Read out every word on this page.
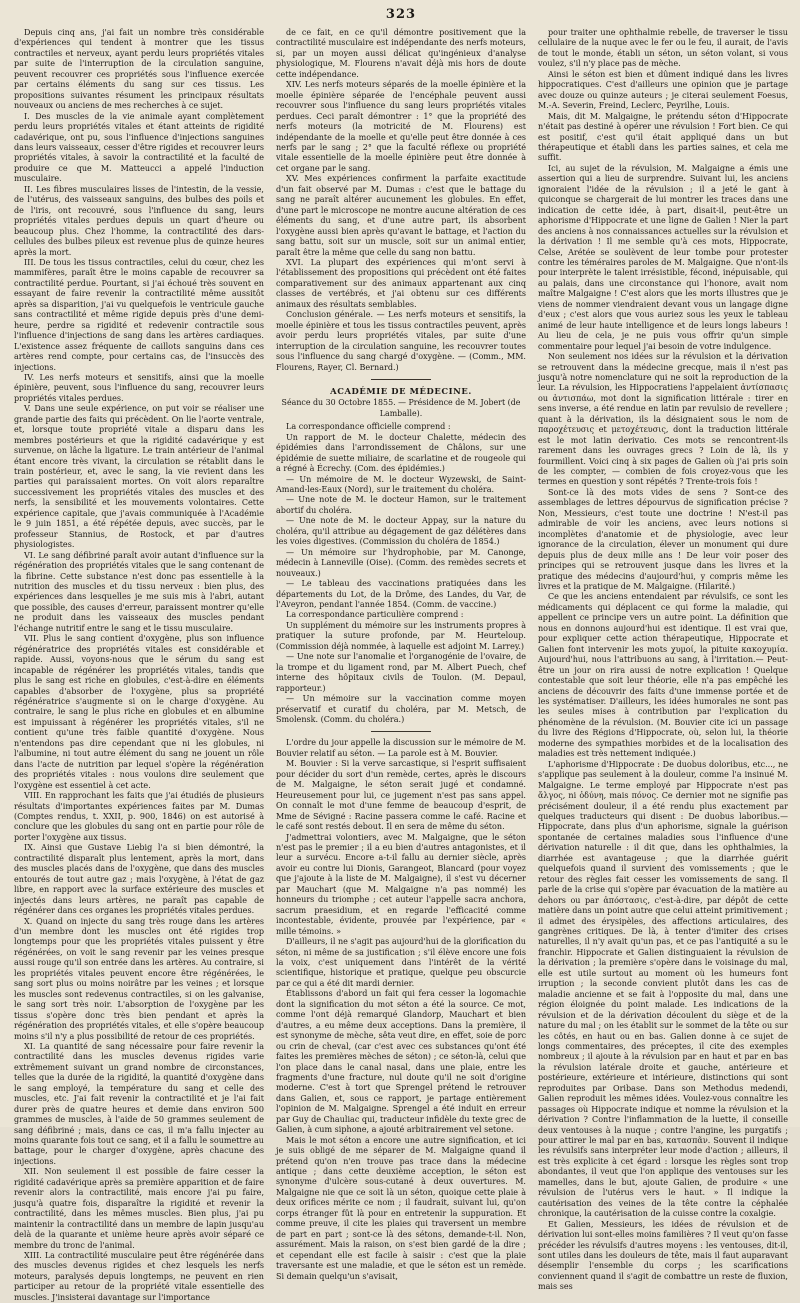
323

Depuis cinq ans, j'ai fait un nombre très considérable d'expériences qui tendent à montrer que les tissus contractiles et nerveux, ayant perdu leurs propriétés vitales par suite de l'interruption de la circulation sanguine, peuvent recouvrer ces propriétés sous l'influence exercée par certains éléments du sang sur ces tissus. Les propositions suivantes résument les principaux résultats nouveaux ou anciens de mes recherches à ce sujet.

I. Des muscles de la vie animale ayant complètement perdu leurs propriétés vitales et étant atteints de rigidité cadavérique, ont pu, sous l'influence d'injections sanguines dans leurs vaisseaux, cesser d'être rigides et recouvrer leurs propriétés vitales, à savoir la contractilité et la faculté de produire ce que M. Matteucci a appelé l'induction musculaire.

II. Les fibres musculaires lisses de l'intestin, de la vessie, de l'utérus, des vaisseaux sanguins, des bulbes des poils et de l'iris, ont recouvré, sous l'influence du sang, leurs propriétés vitales perdues depuis un quart d'heure ou beaucoup plus. Chez l'homme, la contractilité des dars-cellules des bulbes pileux est revenue plus de quinze heures après la mort.

III. De tous les tissus contractiles, celui du cœur, chez les mammifères, paraît être le moins capable de recouvrer sa contractilité perdue. Pourtant, si j'ai échoué très souvent en essayant de faire revenir la contractilité même aussitôt après sa disparition, j'ai vu quelquefois le ventricule gauche sans contractilité et même rigide depuis près d'une demi-heure, perdre sa rigidité et redevenir contractile sous l'influence d'injections de sang dans les artères cardiaques. L'existence assez fréquente de caillots sanguins dans ces artères rend compte, pour certains cas, de l'insuccès des injections.

IV. Les nerfs moteurs et sensitifs, ainsi que la moelle épinière, peuvent, sous l'influence du sang, recouvrer leurs propriétés vitales perdues.

V. Dans une seule expérience, on put voir se réaliser une grande partie des faits qui précèdent. On lie l'aorte ventrale, et, lorsque toute propriété vitale a disparu dans les membres postérieurs et que la rigidité cadavérique y est survenue, on lâche la ligature. Le train antérieur de l'animal étant encore très vivant, la circulation se rétablit dans le train postérieur, et, avec le sang, la vie revient dans les parties qui paraissaient mortes. On voit alors reparaître successivement les propriétés vitales des muscles et des nerfs, la sensibilité et les mouvements volontaires. Cette expérience capitale, que j'avais communiquée à l'Académie le 9 juin 1851, a été répétée depuis, avec succès, par le professeur Stannius, de Rostock, et par d'autres physiologistes.

VI. Le sang défibriné paraît avoir autant d'influence sur la régénération des propriétés vitales que le sang contenant de la fibrine. Cette substance n'est donc pas essentielle à la nutrition des muscles et du tissu nerveux : bien plus, des expériences dans lesquelles je me suis mis à l'abri, autant que possible, des causes d'erreur, paraissent montrer qu'elle ne produit dans les vaisseaux des muscles pendant l'échange nutritif entre le sang et le tissu musculaire.

VII. Plus le sang contient d'oxygène, plus son influence régénératrice des propriétés vitales est considérable et rapide. Aussi, voyons-nous que le sérum du sang est incapable de régénérer les propriétés vitales, tandis que plus le sang est riche en globules, c'est-à-dire en éléments capables d'absorber de l'oxygène, plus sa propriété régénératrice s'augmente si on le charge d'oxygène. Au contraire, le sang le plus riche en globules et en albumine est impuissant à régénérer les propriétés vitales, s'il ne contient qu'une très faible quantité d'oxygène. Nous n'entendons pas dire cependant que ni les globules, ni l'albumine, ni tout autre élément du sang ne jouent un rôle dans l'acte de nutrition par lequel s'opère la régénération des propriétés vitales : nous voulons dire seulement que l'oxygène est essentiel à cet acte.

VIII. En rapprochant les faits que j'ai étudiés de plusieurs résultats d'importantes expériences faites par M. Dumas (Comptes rendus, t. XXII, p. 900, 1846) on est autorisé à conclure que les globules du sang ont en partie pour rôle de porter l'oxygène aux tissus.

IX. Ainsi que Gustave Liebig l'a si bien démontré, la contractilité disparaît plus lentement, après la mort, dans des muscles placés dans de l'oxygène, que dans des muscles entourés de tout autre gaz ; mais l'oxygène, à l'état de gaz libre, en rapport avec la surface extérieure des muscles et injectés dans leurs artères, ne paraît pas capable de régénérer dans ces organes les propriétés vitales perdues.

X. Quand on injecte du sang très rouge dans les artères d'un membre dont les muscles ont été rigides trop longtemps pour que les propriétés vitales puissent y être régénérées, on voit le sang revenir par les veines presque aussi rouge qu'il son entrée dans les artères. Au contraire, si les propriétés vitales peuvent encore être régénérées, le sang sort plus ou moins noirâtre par les veines ; et lorsque les muscles sont redevenus contractiles, si on les galvanise, le sang sort très noir. L'absorption de l'oxygène par les tissus s'opère donc très bien pendant et après la régénération des propriétés vitales, et elle s'opère beaucoup moins s'il n'y a plus possibilité de retour de ces propriétés.

XI. La quantité de sang nécessaire pour faire revenir la contractilité dans les muscles devenus rigides varie extrêmement suivant un grand nombre de circonstances, telles que la durée de la rigidité, la quantité d'oxygène dans le sang employé, la température du sang et celle des muscles, etc. J'ai fait revenir la contractilité et je l'ai fait durer près de quatre heures et demie dans environ 500 grammes de muscles, à l'aide de 50 grammes seulement de sang défibriné ; mais, dans ce cas, il m'a fallu injecter au moins quarante fois tout ce sang, et il a fallu le soumettre au battage, pour le charger d'oxygène, après chacune des injections.

XII. Non seulement il est possible de faire cesser la rigidité cadavérique après sa première apparition et de faire revenir alors la contractilité, mais encore j'ai pu faire, jusqu'à quatre fois, disparaître la rigidité et revenir la contractilité, dans les mêmes muscles. Bien plus, j'ai pu maintenir la contractilité dans un membre de lapin jusqu'au delà de la quarante et unième heure après avoir séparé ce membre du tronc de l'animal.

XIII. La contractilité musculaire peut être régénérée dans des muscles devenus rigides et chez lesquels les nerfs moteurs, paralysés depuis longtemps, ne peuvent en rien participer au retour de la propriété vitale essentielle des muscles. J'insisterai davantage sur l'importance

de ce fait, en ce qu'il démontre positivement que la contractilité musculaire est indépendante des nerfs moteurs, si, par un moyen aussi délicat qu'ingénieux d'analyse physiologique, M. Flourens n'avait déjà mis hors de doute cette indépendance.

XIV. Les nerfs moteurs séparés de la moelle épinière et la moelle épinière séparée de l'encéphale peuvent aussi recouvrer sous l'influence du sang leurs propriétés vitales perdues. Ceci paraît démontrer : 1° que la propriété des nerfs moteurs (la motricité de M. Flourens) est indépendante de la moelle et qu'elle peut être donnée à ces nerfs par le sang ; 2° que la faculté réflexe ou propriété vitale essentielle de la moelle épinière peut être donnée à cet organe par le sang.

XV. Mes expériences confirment la parfaite exactitude d'un fait observé par M. Dumas : c'est que le battage du sang ne paraît altérer aucunement les globules. En effet, d'une part le microscope ne montre aucune altération de ces éléments du sang, et d'une autre part, ils absorbent l'oxygène aussi bien après qu'avant le battage, et l'action du sang battu, soit sur un muscle, soit sur un animal entier, paraît être la même que celle du sang non battu.

XVI. La plupart des expériences qui m'ont servi à l'établissement des propositions qui précèdent ont été faites comparativement sur des animaux appartenant aux cinq classes de vertébrés, et j'ai obtenu sur ces différents animaux des résultats semblables.

Conclusion générale. — Les nerfs moteurs et sensitifs, la moelle épinière et tous les tissus contractiles peuvent, après avoir perdu leurs propriétés vitales, par suite d'une interruption de la circulation sanguine, les recouvrer toutes sous l'influence du sang chargé d'oxygène. — (Comm., MM. Flourens, Rayer, Cl. Bernard.)

ACADÉMIE DE MÉDECINE.

Séance du 30 Octobre 1855. — Présidence de M. Jobert (de Lamballe).

La correspondance officielle comprend :

Un rapport de M. le docteur Chalette, médecin des épidémies dans l'arrondissement de Châlons, sur une épidémie de suette miliaire, de scarlatine et de rougeole qui a régné à Écrechy. (Com. des épidémies.)

— Un mémoire de M. le docteur Wyzewski, de Saint-Amand-les-Eaux (Nord), sur le traitement du choléra.

— Une note de M. le docteur Hamon, sur le traitement abortif du choléra.

— Une note de M. le docteur Appay, sur la nature du choléra, qu'il attribue au dégagement de gaz délétères dans les voies digestives. (Commission du choléra de 1854.)

— Un mémoire sur l'hydrophobie, par M. Canonge, médecin à Lanneville (Oise). (Comm. des remèdes secrets et nouveaux.)

— Le tableau des vaccinations pratiquées dans les départements du Lot, de la Drôme, des Landes, du Var, de l'Aveyron, pendant l'année 1854. (Comm. de vaccine.)

La correspondance particulière comprend :

Un supplément du mémoire sur les instruments propres à pratiquer la suture profonde, par M. Heurteloup. (Commission déjà nommée, à laquelle est adjoint M. Larrey.)

— Une note sur l'anomalie et l'organogénie de l'ovaire, de la trompe et du ligament rond, par M. Albert Puech, chef interne des hôpitaux civils de Toulon. (M. Depaul, rapporteur.)

— Un mémoire sur la vaccination comme moyen préservatif et curatif du choléra, par M. Metsch, de Smolensk. (Comm. du choléra.)

L'ordre du jour appelle la discussion sur le mémoire de M. Bouvier relatif au séton. — La parole est à M. Bouvier.

M. Bouvier : Si la verve sarcastique, si l'esprit suffisaient pour décider du sort d'un remède, certes, après le discours de M. Malgaigne, le séton serait jugé et condamné. Heureusement pour lui, ce jugement n'est pas sans appel. On connaît le mot d'une femme de beaucoup d'esprit, de Mme de Sévigné : Racine passera comme le café. Racine et le café sont restés debout. Il en sera de même du séton.

J'admettrai volontiers, avec M. Malgaigne, que le séton n'est pas le premier ; il a eu bien d'autres antagonistes, et il leur a survécu. Encore a-t-il fallu au dernier siècle, après avoir eu contre lui Dionis, Garangeot, Blancard (pour voyez que j'ajoute à la liste de M. Malgaigne), il s'est vu décerner par Mauchart (que M. Malgaigne n'a pas nommé) les honneurs du triomphe ; cet auteur l'appelle sacra anchora, sacrum praesidium, et en regarde l'efficacité comme incontestable, évidente, prouvée par l'expérience, par « mille témoins. »

D'ailleurs, il ne s'agit pas aujourd'hui de la glorification du séton, ni même de sa justification ; s'il élève encore une fois la voix, c'est uniquement dans l'intérêt de la vérité scientifique, historique et pratique, quelque peu obscurcie par ce qui a été dit mardi dernier.

Établissons d'abord un fait qui fera cesser la logomachie dont la signification du mot séton a été la source. Ce mot, comme l'ont déjà remarqué Glandorp, Mauchart et bien d'autres, a eu même deux acceptions. Dans la première, il est synonyme de mèche, sêta veut dire, en effet, soie de porc ou crin de cheval, (car c'est avec ces substances qu'ont été faites les premières mèches de séton) ; ce séton-là, celui que l'on place dans le canal nasal, dans une plaie, entre les fragments d'une fracture, nul doute qu'il ne soit d'origine moderne. C'est à tort que Sprengel prétend le retrouver dans Galien, et, sous ce rapport, je partage entièrement l'opinion de M. Malgaigne. Sprengel a été induit en erreur par Guy de Chauliac qui, traducteur infidèle du texte grec de Galien, à cum siphone, a ajouté arbitrairement vel setone.

Mais le mot séton a encore une autre signification, et ici je suis obligé de me séparer de M. Malgaigne quand il prétend qu'on n'en trouve pas trace dans la médecine antique ; dans cette deuxième acception, le séton est synonyme d'ulcère sous-cutané à deux ouvertures. M. Malgaigne nie que ce soit là un séton, quoique cette plaie à deux orifices mérite ce nom ; il faudrait, suivant lui, qu'on corps étranger fût là pour en entretenir la suppuration. Et comme preuve, il cite les plaies qui traversent un membre de part en part ; sont-ce là des sétons, demande-t-il. Non, assurément. Mais la raison, on s'est bien gardé de la dire ; et cependant elle est facile à saisir : c'est que la plaie traversante est une maladie, et que le séton est un remède. Si demain quelqu'un s'avisait,

pour traiter une ophthalmie rebelle, de traverser le tissu cellulaire de la nuque avec le fer ou le feu, il aurait, de l'avis de tout le monde, établi un séton, un séton volant, si vous voulez, s'il n'y place pas de mèche.

Ainsi le séton est bien et dûment indiqué dans les livres hippocratiques. C'est d'ailleurs une opinion que je partage avec douze ou quinze auteurs ; je citerai seulement Foesus, M.-A. Severin, Freind, Leclerc, Peyrilhe, Louis.

Mais, dit M. Malgaigne, le prétendu séton d'Hippocrate n'était pas destiné à opérer une révulsion ! Fort bien. Ce qui est positif, c'est qu'il était appliqué dans un but thérapeutique et établi dans les parties saines, et cela me suffit.

Ici, au sujet de la révulsion, M. Malgaigne a émis une assertion qui a lieu de surprendre. Suivant lui, les anciens ignoraient l'idée de la révulsion ; il a jeté le gant à quiconque se chargerait de lui montrer les traces dans une indication de cette idée, à part, disait-il, peut-être un aphorisme d'Hippocrate et une ligne de Galien ! Nier la part des anciens à nos connaissances actuelles sur la révulsion et la dérivation ! Il me semble qu'à ces mots, Hippocrate, Celse, Arétée se soulèvent de leur tombe pour protester contre les téméraires paroles de M. Malgaigne. Que n'ont-ils pour interprète le talent irrésistible, fécond, inépuisable, qui au palais, dans une circonstance qui l'honore, avait nom maître Malgaigne ! C'est alors que les morts illustres que je viens de nommer viendraient devant vous un langage digne d'eux ; c'est alors que vous auriez sous les yeux le tableau animé de leur haute intelligence et de leurs longs labeurs ! Au lieu de cela, je ne puis vous offrir qu'un simple commentaire pour lequel j'ai besoin de votre indulgence.

Non seulement nos idées sur la révulsion et la dérivation se retrouvent dans la médecine grecque, mais il n'est pas jusqu'à notre nomenclature qui ne soit la reproduction de la leur. La révulsion, les Hippocratiens l'appelaient ἀντίσπασις ou ἀντισπάω, mot dont la signification littérale : tirer en sens inverse, a été rendue en latin par revulsio de revellere ; quant à la dérivation, ils la désignaient sous le nom de παροχέτευσις et μετοχέτευσις, dont la traduction littérale est le mot latin derivatio. Ces mots se rencontrent-ils rarement dans les ouvrages grecs ? Loin de là, ils y fourmillent. Voici cinq à six pages de Galien où j'ai pris soin de les compter, — combien de fois croyez-vous que les termes en question y sont répétés ? Trente-trois fois !

Sont-ce là des mots vides de sens ? Sont-ce des assemblages de lettres dépourvus de signification précise ? Non, Messieurs, c'est toute une doctrine ! N'est-il pas admirable de voir les anciens, avec leurs notions si incomplètes d'anatomie et de physiologie, avec leur ignorance de la circulation, élever un monument qui dure depuis plus de deux mille ans ! De leur voir poser des principes qui se retrouvent jusque dans les livres et la pratique des médecins d'aujourd'hui, y compris même les livres et la pratique de M. Malgaigne. (Hilarité.)

Ce que les anciens entendaient par révulsifs, ce sont les médicaments qui déplacent ce qui forme la maladie, qui appellent ce principe vers un autre point. La définition que nous en donnons aujourd'hui est identique. Il est vrai que, pour expliquer cette action thérapeutique, Hippocrate et Galien font intervenir les mots χυμοί, la pituite κακοχυμία. Aujourd'hui, nous l'attribuons au sang, à l'irritation.— Peut-être un jour on rira aussi de notre explication ! Quelque contestable que soit leur théorie, elle n'a pas empêché les anciens de découvrir des faits d'une immense portée et de les systématiser. D'ailleurs, les idées humorales ne sont pas les seules mises à contribution par l'explication du phénomène de la révulsion. (M. Bouvier cite ici un passage du livre des Régions d'Hippocrate, où, selon lui, la théorie moderne des sympathies morbides et de la localisation des maladies est très nettement indiquée.)

L'aphorisme d'Hippocrate : De duobus doloribus, etc..., ne s'applique pas seulement à la douleur, comme l'a insinué M. Malgaigne. Le terme employé par Hippocrate n'est pas ἄλγος, ni ὀδύνη, mais πόνος. Ce dernier mot ne signifie pas précisément douleur, il a été rendu plus exactement par quelques traducteurs qui disent : De duobus laboribus.— Hippocrate, dans plus d'un aphorisme, signale la guérison spontanée de certaines maladies sous l'influence d'une dérivation naturelle : il dit que, dans les ophthalmies, la diarrhée est avantageuse ; que la diarrhée guérit quelquefois quand il survient des vomissements ; que le retour des règles fait cesser les vomissements de sang. Il parle de la crise qui s'opère par évacuation de la matière au dehors ou par ἀπόστασις, c'est-à-dire, par dépôt de cette matière dans un point autre que celui atteint primitivement ; il admet des érysipèles, des affections articulaires, des gangrènes critiques. De là, à tenter d'imiter des crises naturelles, il n'y avait qu'un pas, et ce pas l'antiquité a su le franchir. Hippocrate et Galien distinguaient la révulsion de la dérivation ; la première s'opère dans le voisinage du mal, elle est utile surtout au moment où les humeurs font irruption ; la seconde convient plutôt dans les cas de maladie ancienne et se fait à l'opposite du mal, dans une région éloignée du point malade. Les indications de la révulsion et de la dérivation découlent du siège et de la nature du mal ; on les établit sur le sommet de la tête ou sur les côtés, en haut ou en bas. Galien donne à ce sujet de longs commentaires, des préceptes, il cite des exemples nombreux ; il ajoute à la révulsion par en haut et par en bas la révulsion latérale droite et gauche, antérieure et postérieure, extérieure et intérieure, distinctions qui sont reproduites par Oribase. Dans son Methodus medendi, Galien reproduit les mêmes idées. Voulez-vous connaître les passages où Hippocrate indique et nomme la révulsion et la dérivation ? Contre l'inflammation de la luette, il conseille deux ventouses à la nuque ; contre l'angine, les purgatifs ; pour attirer le mal par en bas, κατασπᾶν. Souvent il indique les révulsifs sans interpréter leur mode d'action ; ailleurs, il est très explicite à cet égard : lorsque les règles sont trop abondantes, il veut que l'on applique des ventouses sur les mamelles, dans le but, ajoute Galien, de produire « une révulsion de l'utérus vers le haut. » Il indique la cautérisation des veines de la tête contre la céphalée chronique, la cautérisation de la cuisse contre la coxalgie.

Et Galien, Messieurs, les idées de révulsion et de dérivation lui sont-elles moins familières ? Il veut qu'on fasse précéder les révulsifs d'autres moyens : les ventouses, dit-il, sont utiles dans les douleurs de tête, mais il faut auparavant désemplir l'ensemble du corps ; les scarifications conviennent quand il s'agit de combattre un reste de fluxion, mais ses
